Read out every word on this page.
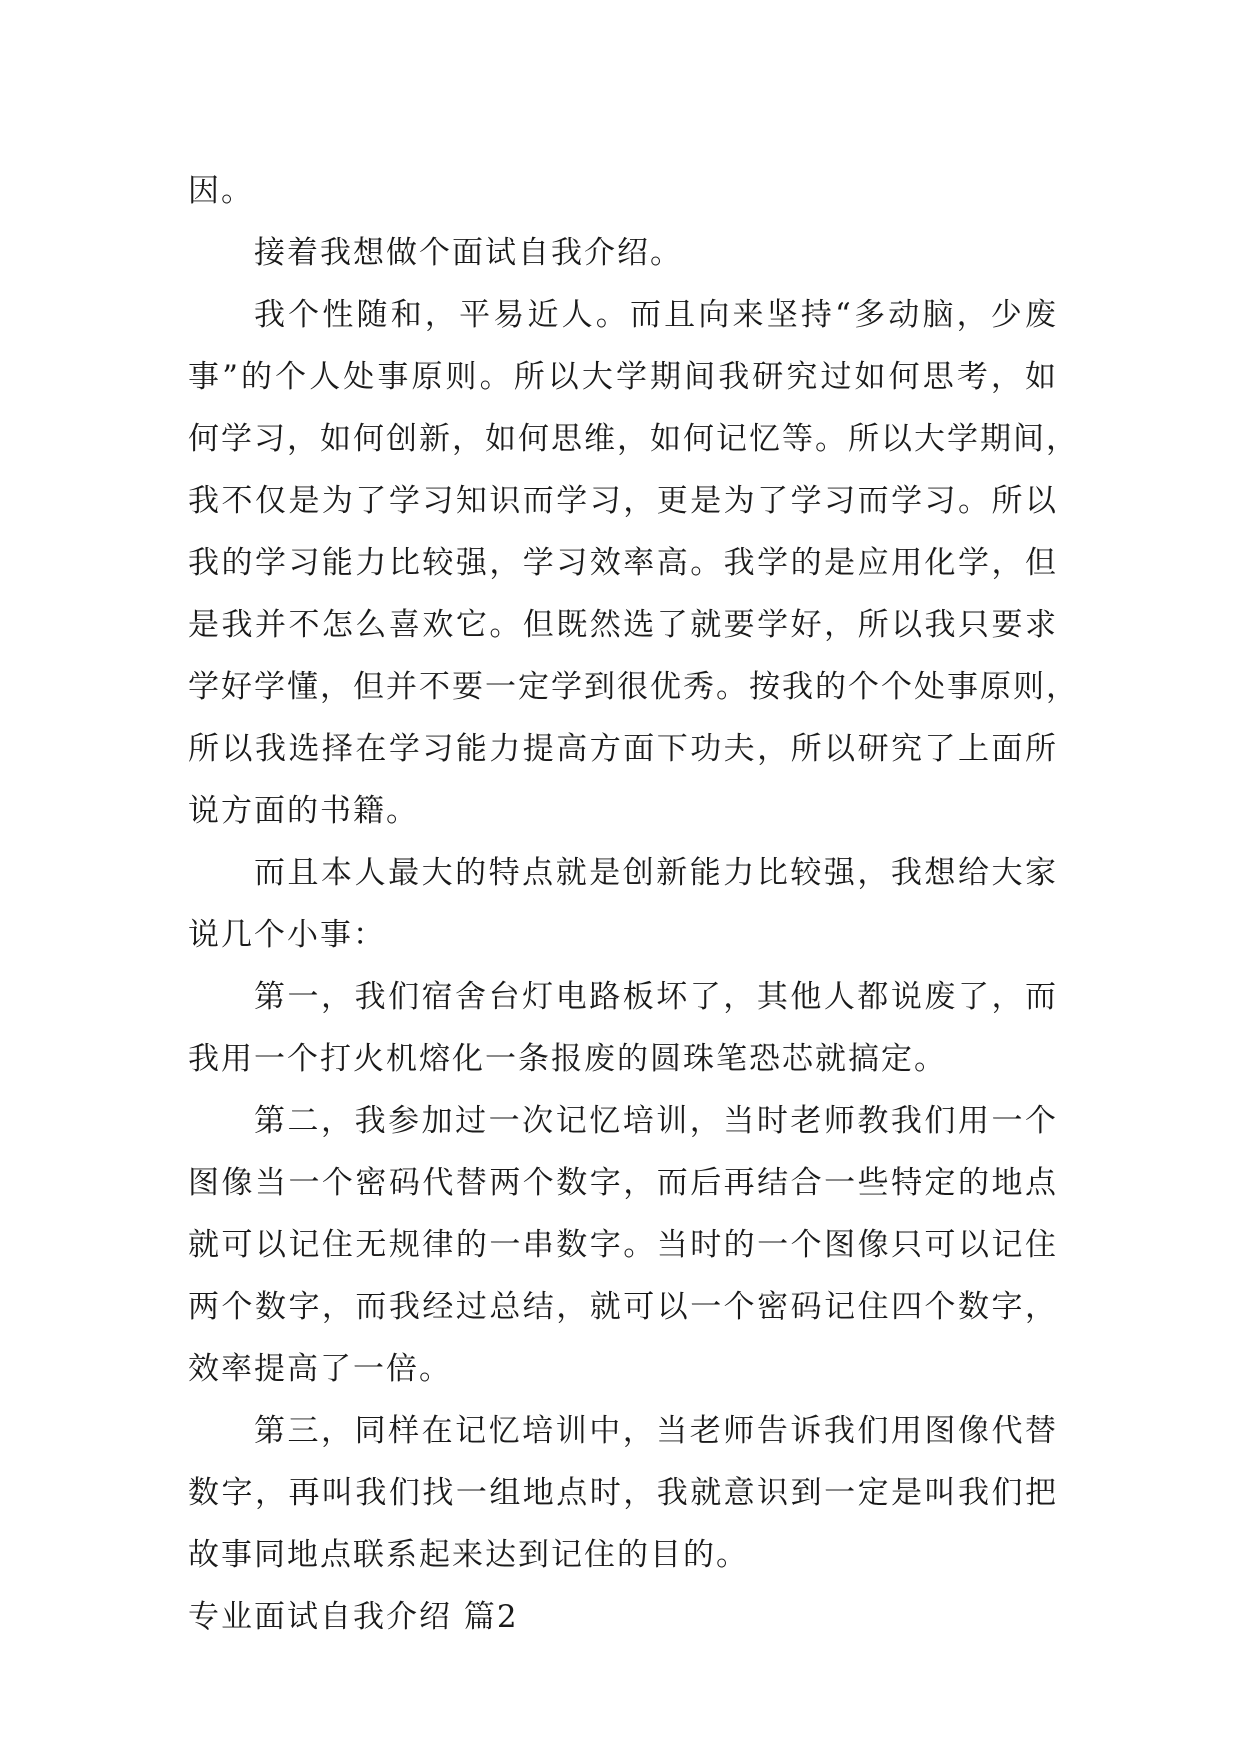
因。
接着我想做个面试自我介绍。
我个性随和，平易近人。而且向来坚持“多动脑，少废
事”的个人处事原则。所以大学期间我研究过如何思考，如
何学习，如何创新，如何思维，如何记忆等。所以大学期间，
我不仅是为了学习知识而学习，更是为了学习而学习。所以
我的学习能力比较强，学习效率高。我学的是应用化学，但
是我并不怎么喜欢它。但既然选了就要学好，所以我只要求
学好学懂，但并不要一定学到很优秀。按我的个个处事原则，
所以我选择在学习能力提高方面下功夫，所以研究了上面所
说方面的书籍。
而且本人最大的特点就是创新能力比较强，我想给大家
说几个小事：
第一，我们宿舍台灯电路板坏了，其他人都说废了，而
我用一个打火机熔化一条报废的圆珠笔恐芯就搞定。
第二，我参加过一次记忆培训，当时老师教我们用一个
图像当一个密码代替两个数字，而后再结合一些特定的地点
就可以记住无规律的一串数字。当时的一个图像只可以记住
两个数字，而我经过总结，就可以一个密码记住四个数字，
效率提高了一倍。
第三，同样在记忆培训中，当老师告诉我们用图像代替
数字，再叫我们找一组地点时，我就意识到一定是叫我们把
故事同地点联系起来达到记住的目的。
专业面试自我介绍 篇2
